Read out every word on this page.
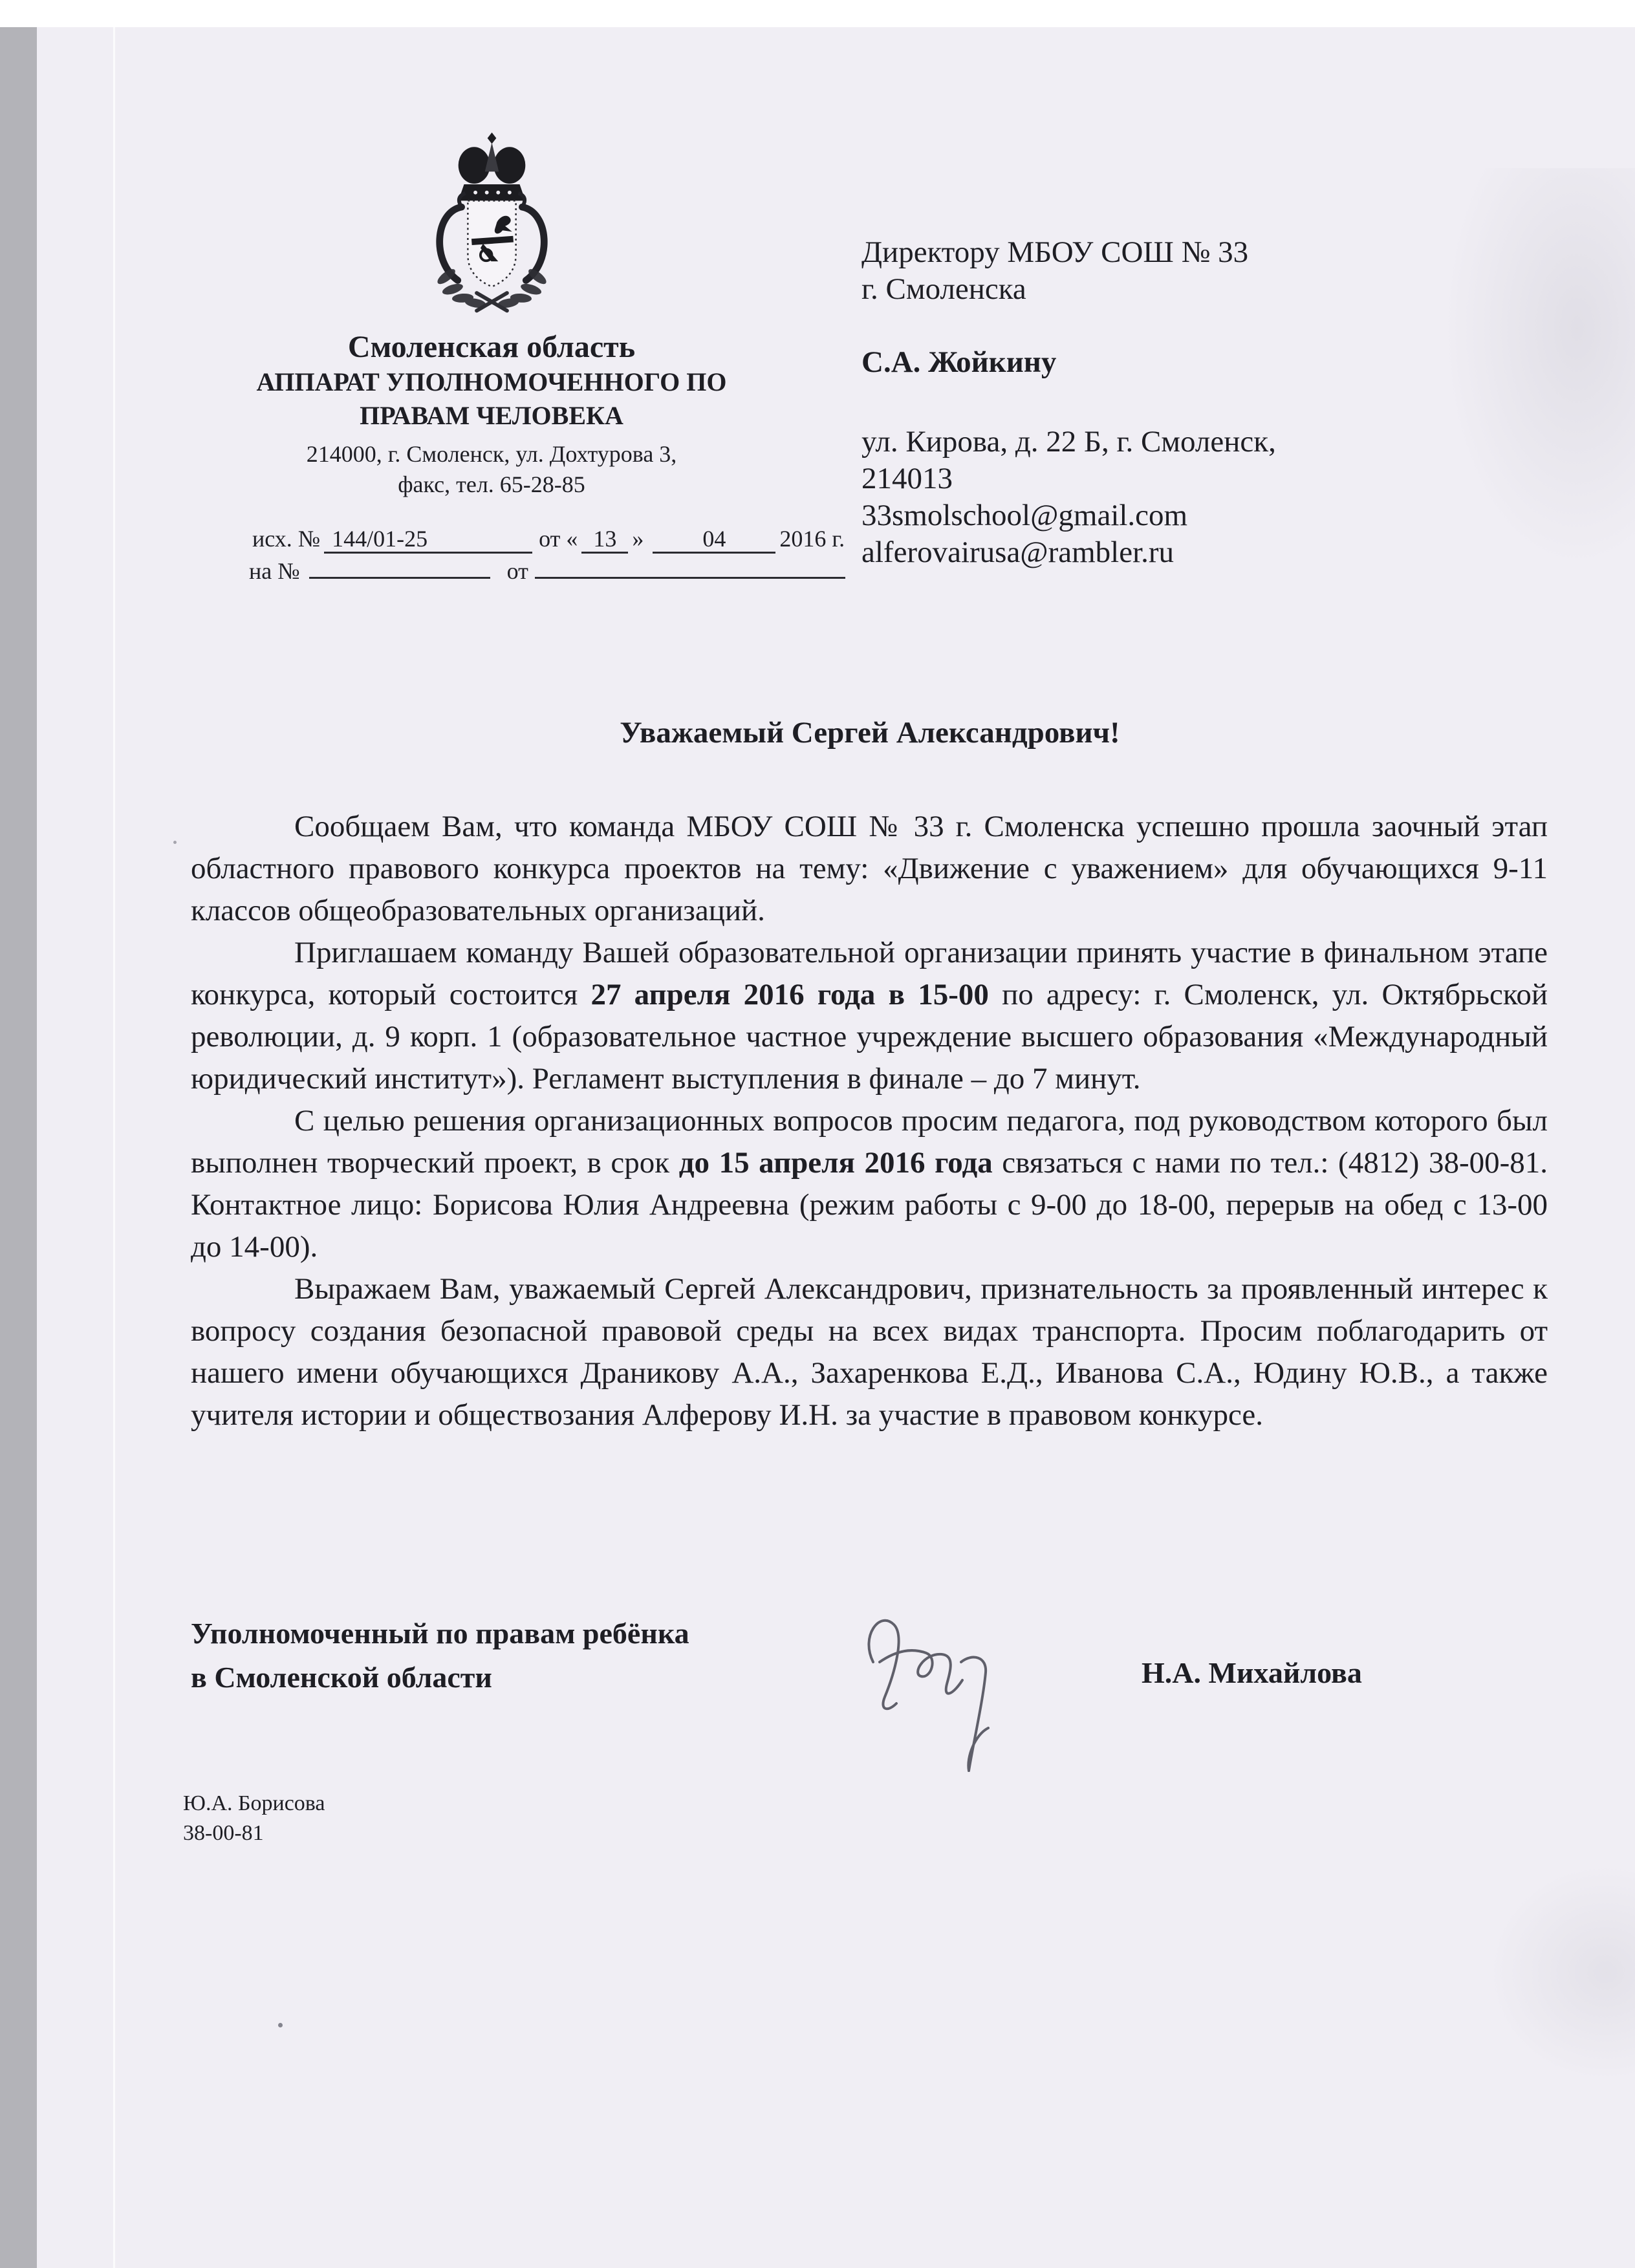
Смоленская область
АППАРАТ УПОЛНОМОЧЕННОГО ПО
ПРАВАМ ЧЕЛОВЕКА
214000, г. Смоленск, ул. Дохтурова 3,
факс, тел. 65-28-85
исх. № 144/01-25	от « 13 »	04 2016 г.
на №	от
Директору МБОУ СОШ № 33
г. Смоленска
С.А. Жойкину
ул. Кирова, д. 22 Б, г. Смоленск,
214013
33smolschool@gmail.com
alferovairusa@rambler.ru
Уважаемый Сергей Александрович!

Сообщаем Вам, что команда МБОУ СОШ № 33 г. Смоленска успешно прошла заочный этап областного правового конкурса проектов на тему: «Движение с уважением» для обучающихся 9-11 классов общеобразовательных организаций.

Приглашаем команду Вашей образовательной организации принять участие в финальном этапе конкурса, который состоится 27 апреля 2016 года в 15-00 по адресу: г. Смоленск, ул. Октябрьской революции, д. 9 корп. 1 (образовательное частное учреждение высшего образования «Международный юридический институт»). Регламент выступления в финале – до 7 минут.

С целью решения организационных вопросов просим педагога, под руководством которого был выполнен творческий проект, в срок до 15 апреля 2016 года связаться с нами по тел.: (4812) 38-00-81. Контактное лицо: Борисова Юлия Андреевна (режим работы с 9-00 до 18-00, перерыв на обед с 13-00 до 14-00).

Выражаем Вам, уважаемый Сергей Александрович, признательность за проявленный интерес к вопросу создания безопасной правовой среды на всех видах транспорта. Просим поблагодарить от нашего имени обучающихся Драникову А.А., Захаренкова Е.Д., Иванова С.А., Юдину Ю.В., а также учителя истории и обществозания Алферову И.Н. за участие в правовом конкурсе.

Уполномоченный по правам ребёнка
в Смоленской области	Н.А. Михайлова
Ю.А. Борисова
38-00-81
